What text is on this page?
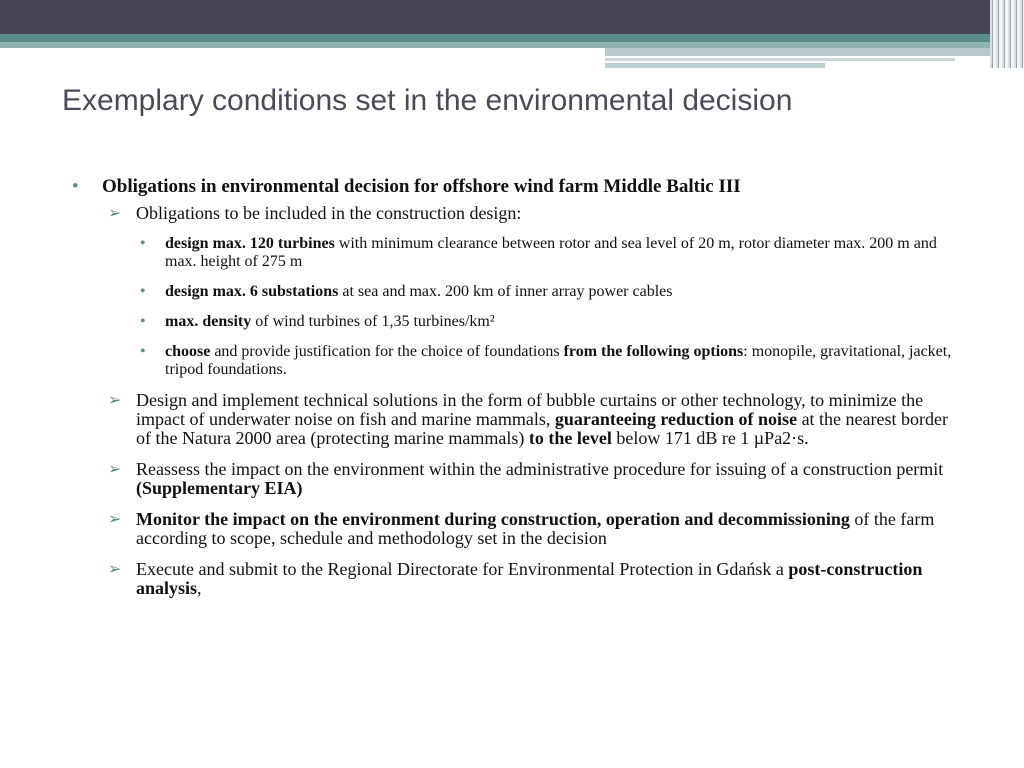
Exemplary conditions set in the environmental decision
• Obligations in environmental decision for offshore wind farm Middle Baltic III
➢ Obligations to be included in the construction design:
• design max. 120 turbines with minimum clearance between rotor and sea level of 20 m, rotor diameter max. 200 m and max. height of 275 m
• design max. 6 substations at sea and max. 200 km of inner array power cables
• max. density of wind turbines of 1,35 turbines/km²
• choose and provide justification for the choice of foundations from the following options: monopile, gravitational, jacket, tripod foundations.
➢ Design and implement technical solutions in the form of bubble curtains or other technology, to minimize the impact of underwater noise on fish and marine mammals, guaranteeing reduction of noise at the nearest border of the Natura 2000 area (protecting marine mammals) to the level below 171 dB re 1 µPa2·s.
➢ Reassess the impact on the environment within the administrative procedure for issuing of a construction permit (Supplementary EIA)
➢ Monitor the impact on the environment during construction, operation and decommissioning of the farm according to scope, schedule and methodology set in the decision
➢ Execute and submit to the Regional Directorate for Environmental Protection in Gdańsk a post-construction analysis,
